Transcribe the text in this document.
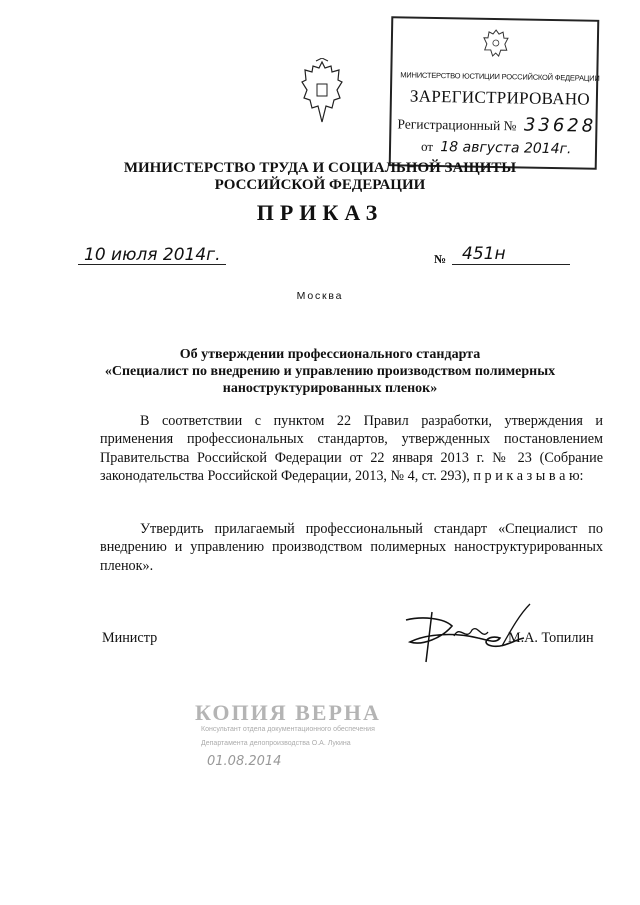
МИНИСТЕРСТВО ЮСТИЦИИ РОССИЙСКОЙ ФЕДЕРАЦИИ
ЗАРЕГИСТРИРОВАНО
Регистрационный № 33628
от 18 августа 2014г.
МИНИСТЕРСТВО ТРУДА И СОЦИАЛЬНОЙ ЗАЩИТЫ
РОССИЙСКОЙ ФЕДЕРАЦИИ
ПРИКАЗ
10 июля 2014г.	№ 451н
Москва
Об утверждении профессионального стандарта
«Специалист по внедрению и управлению производством полимерных
наноструктурированных пленок»
В соответствии с пунктом 22 Правил разработки, утверждения и применения профессиональных стандартов, утвержденных постановлением Правительства Российской Федерации от 22 января 2013 г. № 23 (Собрание законодательства Российской Федерации, 2013, № 4, ст. 293), п р и к а з ы в а ю:
Утвердить прилагаемый профессиональный стандарт «Специалист по внедрению и управлению производством полимерных наноструктурированных пленок».
Министр	М.А. Топилин
КОПИЯ ВЕРНА
Консультант отдела документационного обеспечения
Департамента делопроизводства О.А. Лукина
01.08.2014
